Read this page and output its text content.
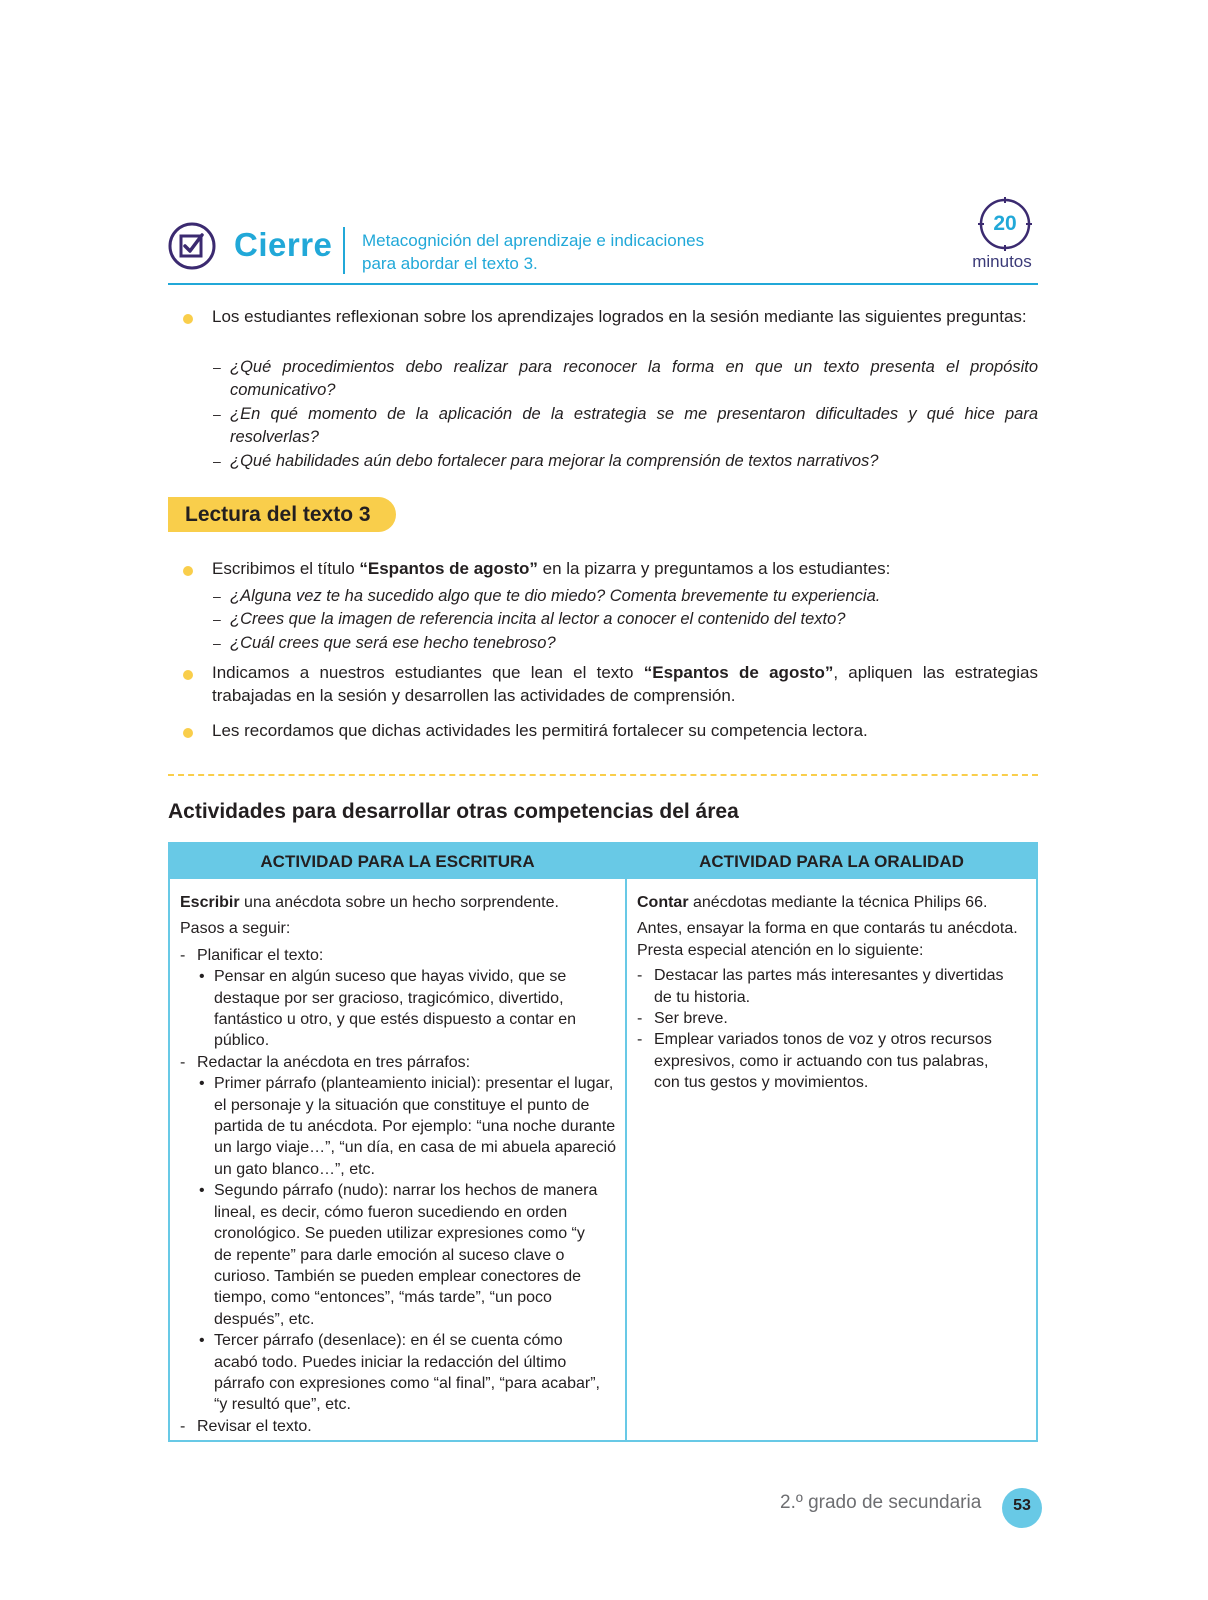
Cierre Metacognición del aprendizaje e indicaciones
para abordar el texto 3.
20
minutos
Los estudiantes reflexionan sobre los aprendizajes logrados en la sesión mediante las siguientes preguntas:
– ¿Qué procedimientos debo realizar para reconocer la forma en que un texto presenta el propósito comunicativo?
– ¿En qué momento de la aplicación de la estrategia se me presentaron dificultades y qué hice para resolverlas?
– ¿Qué habilidades aún debo fortalecer para mejorar la comprensión de textos narrativos?
Lectura del texto 3
Escribimos el título “Espantos de agosto” en la pizarra y preguntamos a los estudiantes:
– ¿Alguna vez te ha sucedido algo que te dio miedo? Comenta brevemente tu experiencia.
– ¿Crees que la imagen de referencia incita al lector a conocer el contenido del texto?
– ¿Cuál crees que será ese hecho tenebroso?
Indicamos a nuestros estudiantes que lean el texto “Espantos de agosto”, apliquen las estrategias trabajadas en la sesión y desarrollen las actividades de comprensión.
Les recordamos que dichas actividades les permitirá fortalecer su competencia lectora.
Actividades para desarrollar otras competencias del área
ACTIVIDAD PARA LA ESCRITURA	ACTIVIDAD PARA LA ORALIDAD
Escribir una anécdota sobre un hecho sorprendente.
Pasos a seguir:
- Planificar el texto:
• Pensar en algún suceso que hayas vivido, que se destaque por ser gracioso, tragicómico, divertido, fantástico u otro, y que estés dispuesto a contar en público.
- Redactar la anécdota en tres párrafos:
• Primer párrafo (planteamiento inicial): presentar el lugar, el personaje y la situación que constituye el punto de partida de tu anécdota. Por ejemplo: “una noche durante un largo viaje…”, “un día, en casa de mi abuela apareció un gato blanco…”, etc.
• Segundo párrafo (nudo): narrar los hechos de manera lineal, es decir, cómo fueron sucediendo en orden cronológico. Se pueden utilizar expresiones como “y de repente” para darle emoción al suceso clave o curioso. También se pueden emplear conectores de tiempo, como “entonces”, “más tarde”, “un poco después”, etc.
• Tercer párrafo (desenlace): en él se cuenta cómo acabó todo. Puedes iniciar la redacción del último párrafo con expresiones como “al final”, “para acabar”, “y resultó que”, etc.
- Revisar el texto.
Contar anécdotas mediante la técnica Philips 66.
Antes, ensayar la forma en que contarás tu anécdota. Presta especial atención en lo siguiente:
- Destacar las partes más interesantes y divertidas de tu historia.
- Ser breve.
- Emplear variados tonos de voz y otros recursos expresivos, como ir actuando con tus palabras, con tus gestos y movimientos.
2.º grado de secundaria	53
